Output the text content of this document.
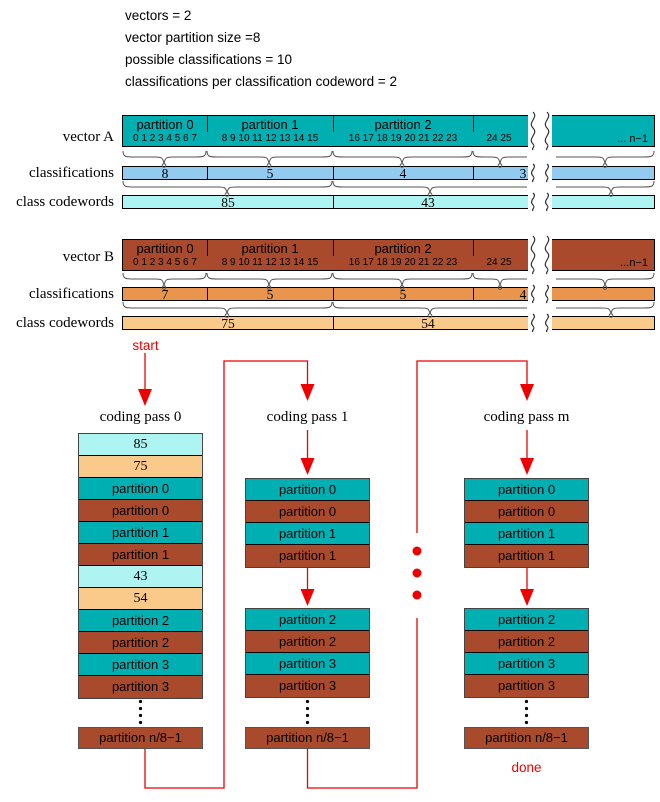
vectors = 2
vector partition size =8
possible classifications = 10
classifications per classification codeword = 2
vector A
partition 0	partition 1	partition 2
0 1 2 3 4 5 6 7	8 9 10 11 12 13 14 15	16 17 18 19 20 21 22 23	24 25	... n−1
classifications	8	5	4	3
class codewords	85	43
vector B
partition 0	partition 1	partition 2
0 1 2 3 4 5 6 7	8 9 10 11 12 13 14 15	16 17 18 19 20 21 22 23	24 25	...n−1
classifications	7	5	5	4
class codewords	75	54
start
done
coding pass 0
85
75
partition 0
partition 0
partition 1
partition 1
43
54
partition 2
partition 2
partition 3
partition 3
partition n/8−1
coding pass 1
partition 0
partition 0
partition 1
partition 1
partition 2
partition 2
partition 3
partition 3
partition n/8−1
coding pass m
partition 0
partition 0
partition 1
partition 1
partition 2
partition 2
partition 3
partition 3
partition n/8−1
